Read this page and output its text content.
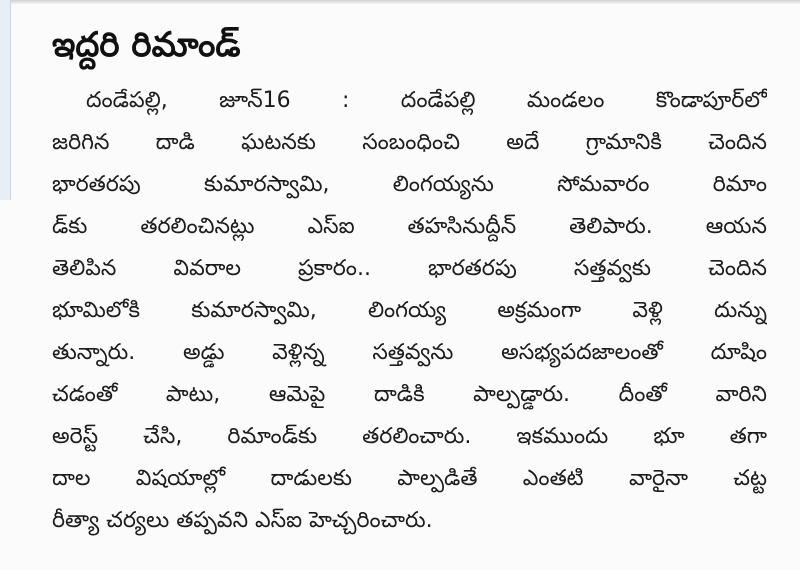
ఇద్దరి రిమాండ్
దండేపల్లి, జూన్16 : దండేపల్లి మండలం కొండాపూర్‌లో
జరిగిన దాడి ఘటనకు సంబంధించి అదే గ్రామానికి చెందిన
భారతరపు కుమారస్వామి, లింగయ్యను సోమవారం రిమాం
డ్‌కు తరలించినట్లు ఎస్‌ఐ తహసినుద్దీన్ తెలిపారు. ఆయన
తెలిపిన వివరాల ప్రకారం.. భారతరపు సత్తవ్వకు చెందిన
భూమిలోకి కుమారస్వామి, లింగయ్య అక్రమంగా వెళ్లి దున్ను
తున్నారు. అడ్డు వెళ్లిన్న సత్తవ్వను అసభ్యపదజాలంతో దూషిం
చడంతో పాటు, ఆమెపై దాడికి పాల్పడ్డారు. దీంతో వారిని
అరెస్ట్ చేసి, రిమాండ్‌కు తరలించారు. ఇకముందు భూ తగా
దాల విషయాల్లో దాడులకు పాల్పడితే ఎంతటి వారైనా చట్ట
రీత్యా చర్యలు తప్పవని ఎస్‌ఐ హెచ్చరించారు.
